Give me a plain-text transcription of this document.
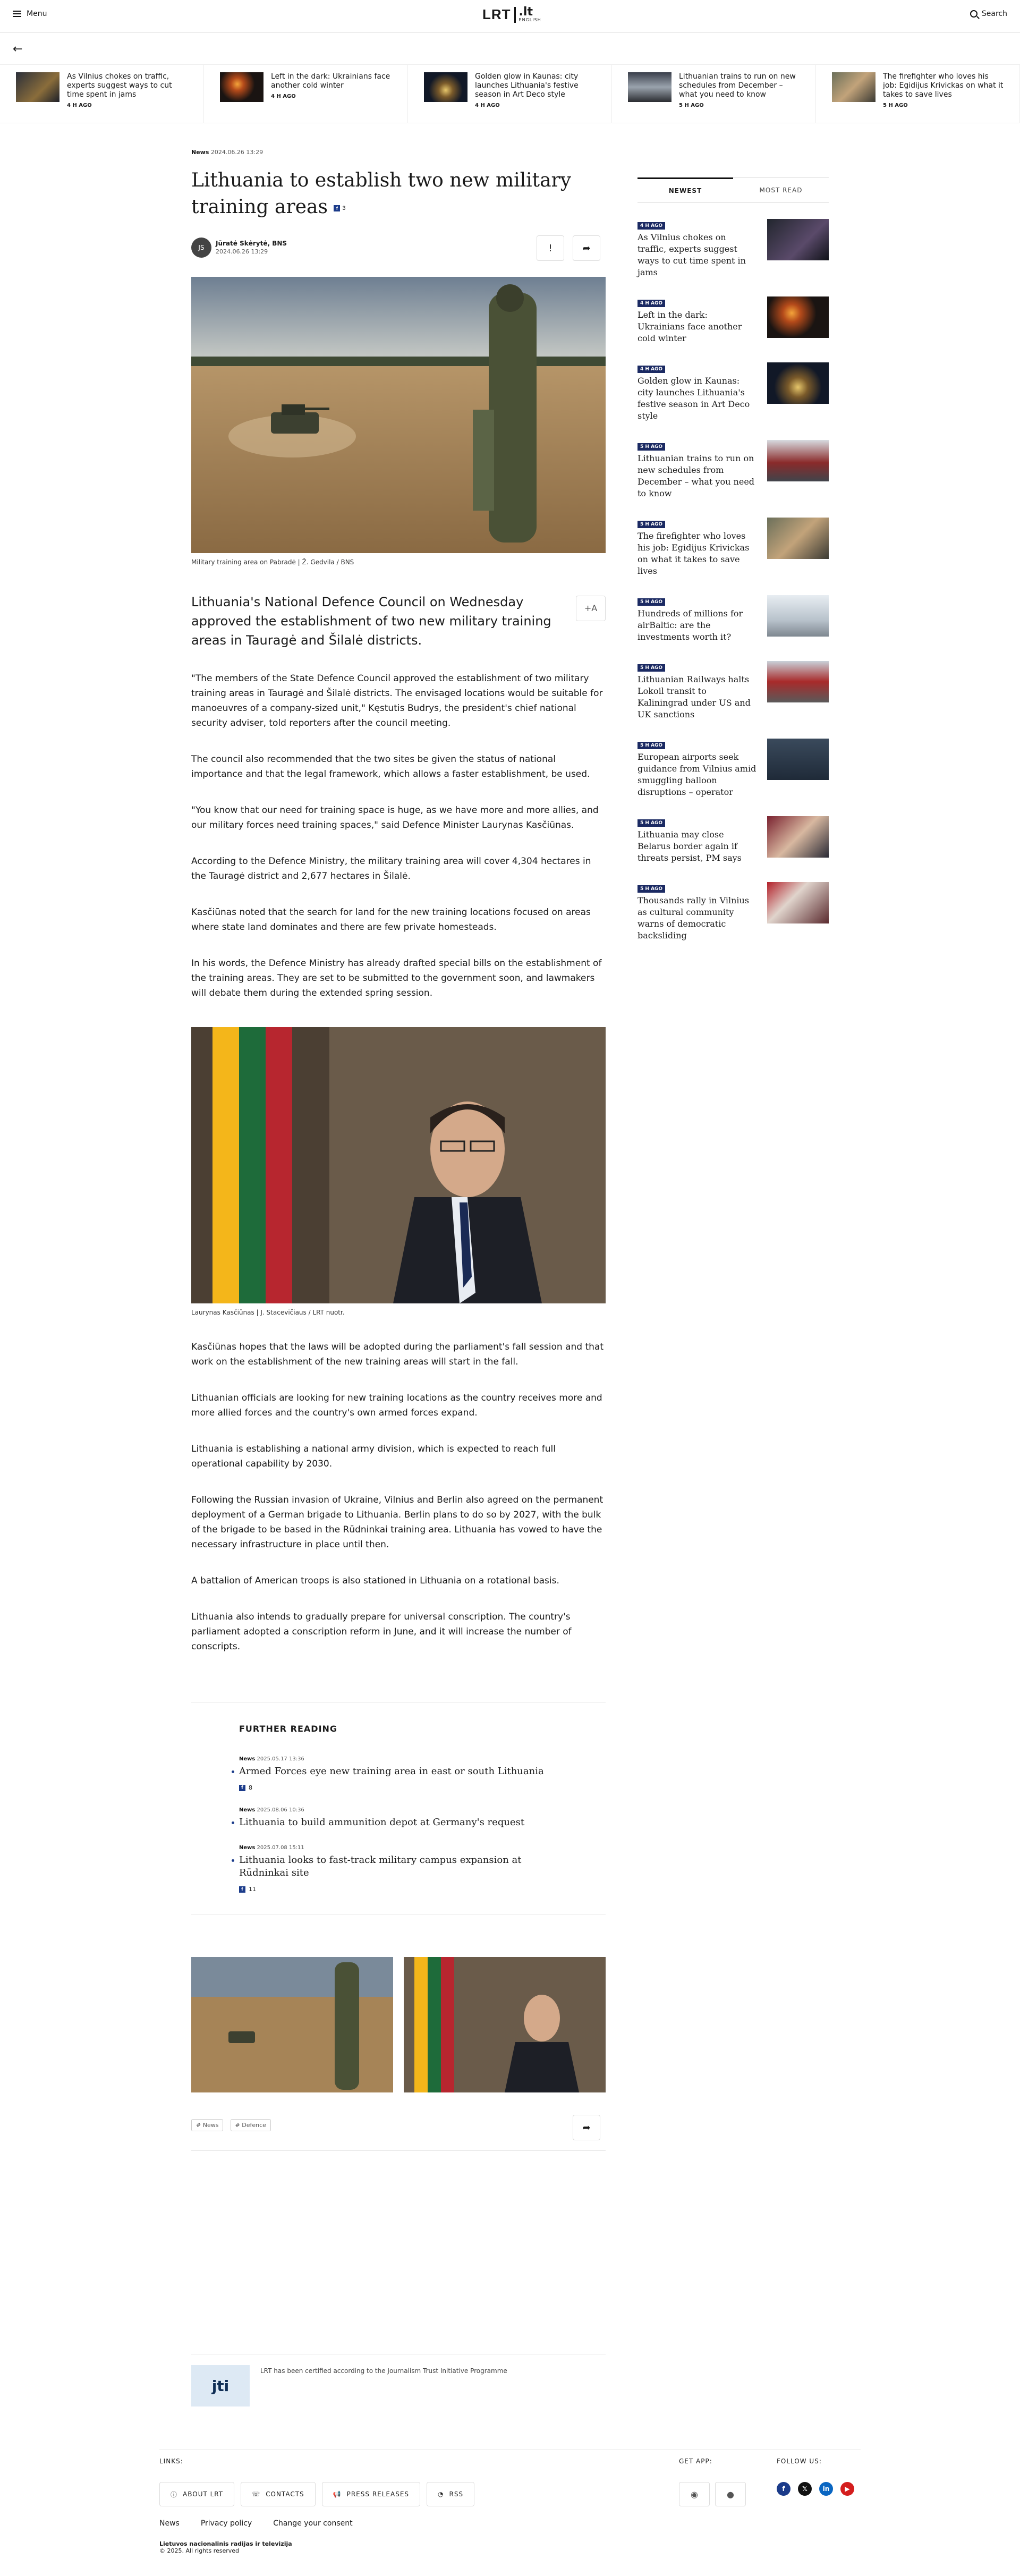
Menu	LRT .lt
ENGLISH
Search
←
As Vilnius chokes on traffic, experts suggest ways to cut time spent in jams
4 H AGO
Left in the dark: Ukrainians face another cold winter
4 H AGO
Golden glow in Kaunas: city launches Lithuania's festive season in Art Deco style
4 H AGO
Lithuanian trains to run on new schedules from December – what you need to know
5 H AGO
The firefighter who loves his job: Egidijus Krivickas on what it takes to save lives
5 H AGO
News 2024.06.26 13:29
Lithuania to establish two new military training areas	f 3
JS
Jūratė Skėrytė, BNS
2024.06.26 13:29	!	➦
Military training area on Pabradė | Ž. Gedvila / BNS
Lithuania's National Defence Council on Wednesday approved the establishment of two new military training areas in Tauragė and Šilalė districts.
+A

"The members of the State Defence Council approved the establishment of two military training areas in Tauragė and Šilalė districts. The envisaged locations would be suitable for manoeuvres of a company-sized unit," Kęstutis Budrys, the president's chief national security adviser, told reporters after the council meeting.

The council also recommended that the two sites be given the status of national importance and that the legal framework, which allows a faster establishment, be used.

"You know that our need for training space is huge, as we have more and more allies, and our military forces need training spaces," said Defence Minister Laurynas Kasčiūnas.

According to the Defence Ministry, the military training area will cover 4,304 hectares in the Tauragė district and 2,677 hectares in Šilalė.

Kasčiūnas noted that the search for land for the new training locations focused on areas where state land dominates and there are few private homesteads.

In his words, the Defence Ministry has already drafted special bills on the establishment of the training areas. They are set to be submitted to the government soon, and lawmakers will debate them during the extended spring session.

Laurynas Kasčiūnas | J. Stacevičiaus / LRT nuotr.

Kasčiūnas hopes that the laws will be adopted during the parliament's fall session and that work on the establishment of the new training areas will start in the fall.

Lithuanian officials are looking for new training locations as the country receives more and more allied forces and the country's own armed forces expand.

Lithuania is establishing a national army division, which is expected to reach full operational capability by 2030.

Following the Russian invasion of Ukraine, Vilnius and Berlin also agreed on the permanent deployment of a German brigade to Lithuania. Berlin plans to do so by 2027, with the bulk of the brigade to be based in the Rūdninkai training area. Lithuania has vowed to have the necessary infrastructure in place until then.

A battalion of American troops is also stationed in Lithuania on a rotational basis.

Lithuania also intends to gradually prepare for universal conscription. The country's parliament adopted a conscription reform in June, and it will increase the number of conscripts.

FURTHER READING
News 2025.05.17 13:36
Armed Forces eye new training area in east or south Lithuania
f 8
News 2025.08.06 10:36
Lithuania to build ammunition depot at Germany's request
News 2025.07.08 15:11
Lithuania looks to fast-track military campus expansion at Rūdninkai site
f 11
# News	# Defence	➦
jti
LRT has been certified according to the Journalism Trust Initiative Programme
NEWEST	MOST READ
4 H AGO
As Vilnius chokes on traffic, experts suggest ways to cut time spent in jams
4 H AGO
Left in the dark: Ukrainians face another cold winter
4 H AGO
Golden glow in Kaunas: city launches Lithuania's festive season in Art Deco style
5 H AGO
Lithuanian trains to run on new schedules from December – what you need to know
5 H AGO
The firefighter who loves his job: Egidijus Krivickas on what it takes to save lives
5 H AGO
Hundreds of millions for airBaltic: are the investments worth it?
5 H AGO
Lithuanian Railways halts Lokoil transit to Kaliningrad under US and UK sanctions
5 H AGO
European airports seek guidance from Vilnius amid smuggling balloon disruptions – operator
5 H AGO
Lithuania may close Belarus border again if threats persist, PM says
5 H AGO
Thousands rally in Vilnius as cultural community warns of democratic backsliding
LINKS:	GET APP:	FOLLOW US:
ⓘ ABOUT LRT	☏ CONTACTS	📢 PRESS RELEASES	◔ RSS	◉	●
f	𝕏	in	▶
News	Privacy policy	Change your consent
Lietuvos nacionalinis radijas ir televizija
© 2025. All rights reserved
